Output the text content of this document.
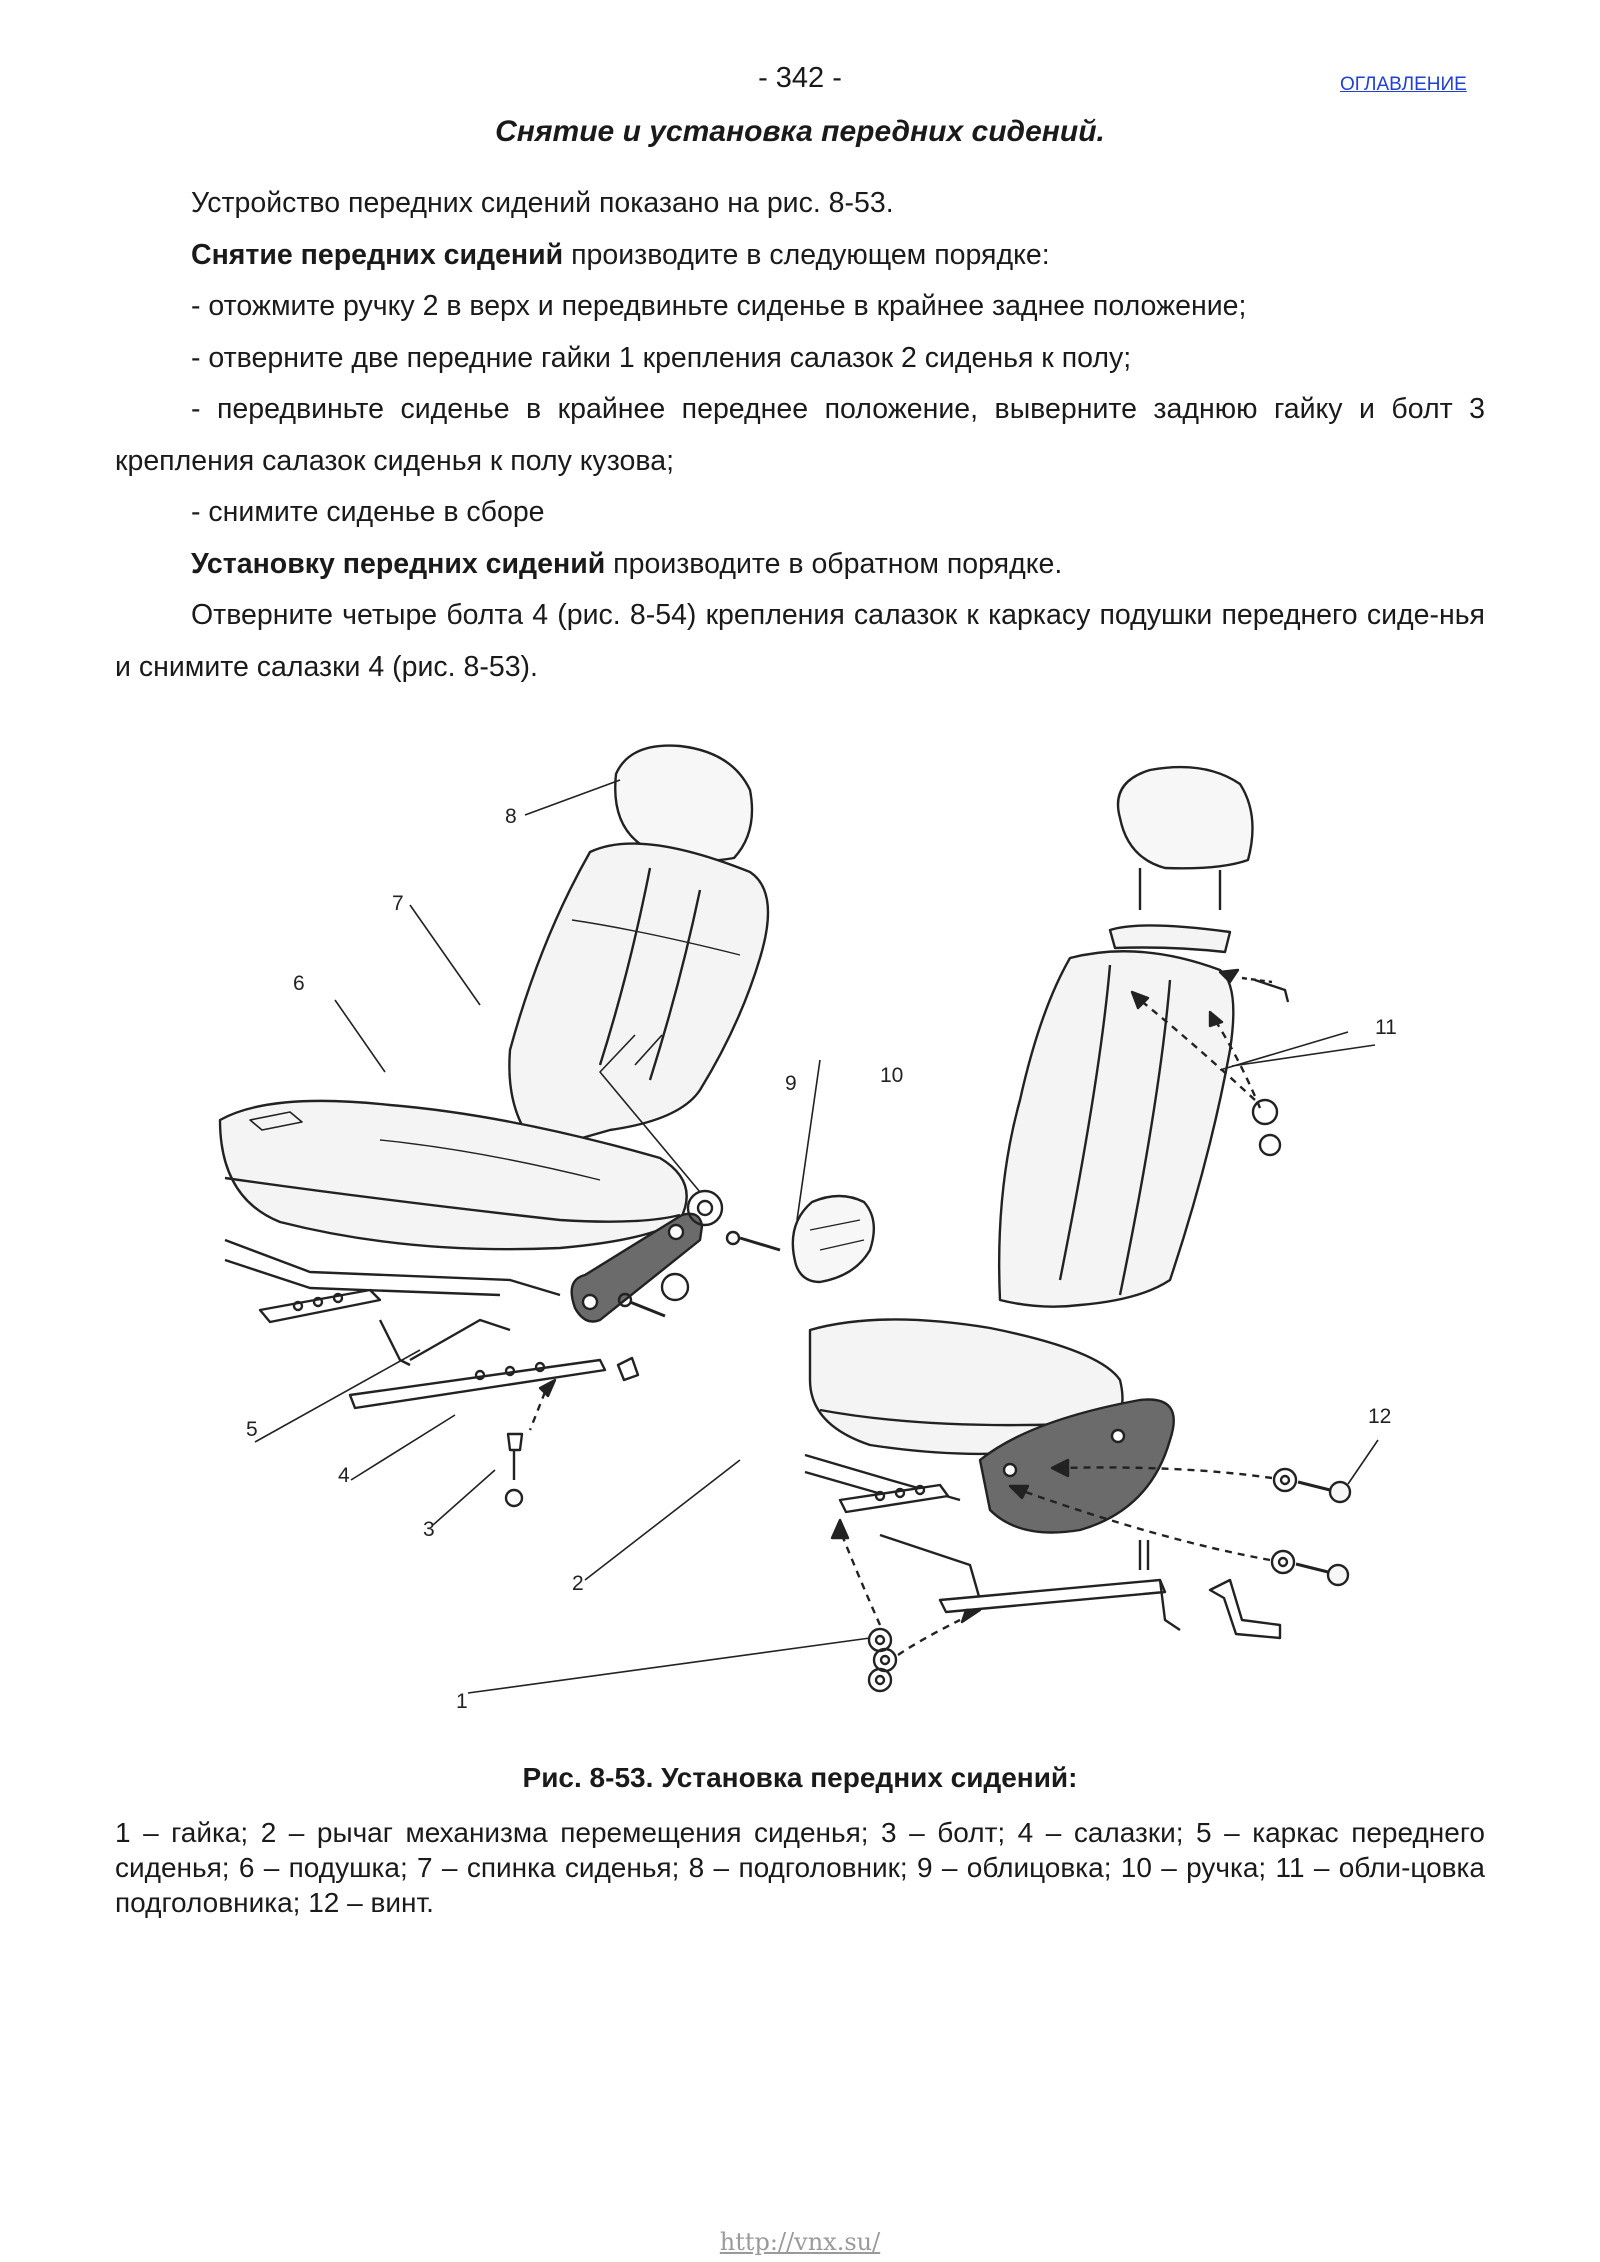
- 342 -	ОГЛАВЛЕНИЕ
Снятие и установка передних сидений.

Устройство передних сидений показано на рис. 8-53.

Снятие передних сидений производите в следующем порядке:

- отожмите ручку 2 в верх и передвиньте сиденье в крайнее заднее положение;

- отверните две передние гайки 1 крепления салазок 2 сиденья к полу;

- передвиньте сиденье в крайнее переднее положение, выверните заднюю гайку и болт 3 крепления салазок сиденья к полу кузова;

- снимите сиденье в сборе

Установку передних сидений производите в обратном порядке.

Отверните четыре болта 4 (рис. 8-54) крепления салазок к каркасу подушки переднего сиде-нья и снимите салазки 4 (рис. 8-53).

8
7
6
9	10
11
12
5
4
3
2
1
Рис. 8-53. Установка передних сидений:

1 – гайка; 2 – рычаг механизма перемещения сиденья; 3 – болт; 4 – салазки; 5 – каркас переднего сиденья; 6 – подушка; 7 – спинка сиденья; 8 – подголовник; 9 – облицовка; 10 – ручка; 11 – обли-цовка подголовника; 12 – винт.

http://vnx.su/
